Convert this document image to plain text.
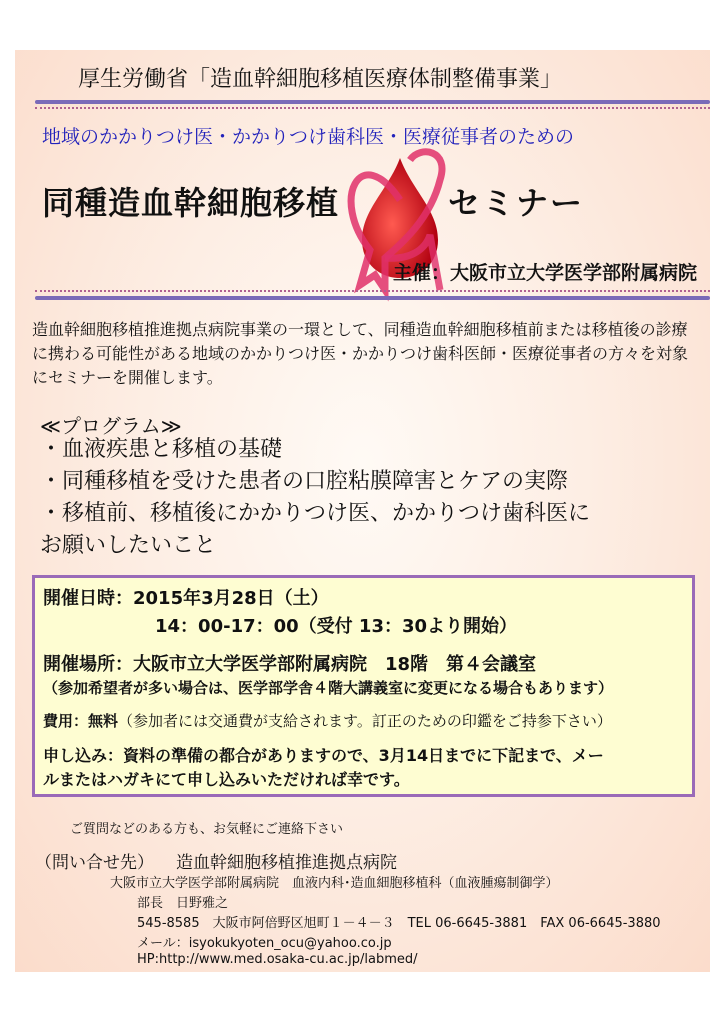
厚生労働省「造血幹細胞移植医療体制整備事業」
地域のかかりつけ医・かかりつけ歯科医・医療従事者のための
同種造血幹細胞移植	セミナー
主催：大阪市立大学医学部附属病院
造血幹細胞移植推進拠点病院事業の一環として、同種造血幹細胞移植前または移植後の診療に携わる可能性がある地域のかかりつけ医・かかりつけ歯科医師・医療従事者の方々を対象にセミナーを開催します。
≪プログラム≫
・血液疾患と移植の基礎
・同種移植を受けた患者の口腔粘膜障害とケアの実際
・移植前、移植後にかかりつけ医、かかりつけ歯科医に
お願いしたいこと
開催日時：2015年3月28日（土）
14：00-17：00（受付 13：30より開始）
開催場所：大阪市立大学医学部附属病院　18階　第４会議室
（参加希望者が多い場合は、医学部学舎４階大講義室に変更になる場合もあります）
費用：無料（参加者には交通費が支給されます。訂正のための印鑑をご持参下さい）
申し込み：資料の準備の都合がありますので、3月14日までに下記まで、メー
ルまたはハガキにて申し込みいただければ幸です。
ご質問などのある方も、お気軽にご連絡下さい
（問い合せ先） 造血幹細胞移植推進拠点病院
大阪市立大学医学部附属病院　血液内科･造血細胞移植科（血液腫瘍制御学）
部長　日野雅之
545-8585　大阪市阿倍野区旭町１－４－３　TEL 06-6645-3881　FAX 06-6645-3880
メール：isyokukyoten_ocu@yahoo.co.jp
HP:http://www.med.osaka-cu.ac.jp/labmed/
